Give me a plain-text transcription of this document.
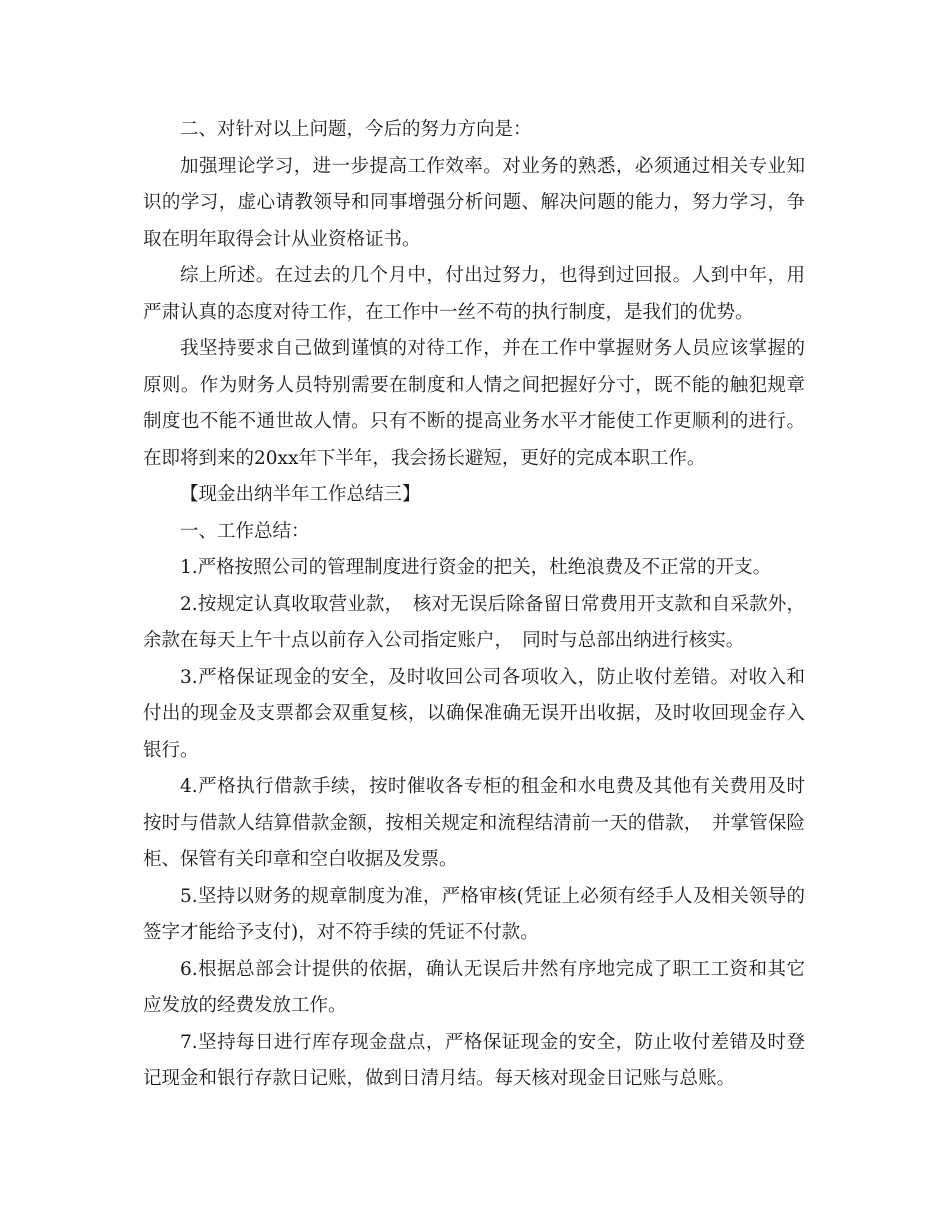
二、对针对以上问题，今后的努力方向是：

加强理论学习，进一步提高工作效率。对业务的熟悉，必须通过相关专业知识的学习，虚心请教领导和同事增强分析问题、解决问题的能力，努力学习，争取在明年取得会计从业资格证书。

综上所述。在过去的几个月中，付出过努力，也得到过回报。人到中年，用严肃认真的态度对待工作，在工作中一丝不苟的执行制度，是我们的优势。

我坚持要求自己做到谨慎的对待工作，并在工作中掌握财务人员应该掌握的原则。作为财务人员特别需要在制度和人情之间把握好分寸，既不能的触犯规章制度也不能不通世故人情。只有不断的提高业务水平才能使工作更顺利的进行。在即将到来的20xx年下半年，我会扬长避短，更好的完成本职工作。

【现金出纳半年工作总结三】

一、工作总结：

1.严格按照公司的管理制度进行资金的把关，杜绝浪费及不正常的开支。

2.按规定认真收取营业款，　核对无误后除备留日常费用开支款和自采款外，余款在每天上午十点以前存入公司指定账户，　同时与总部出纳进行核实。

3.严格保证现金的安全，及时收回公司各项收入，防止收付差错。对收入和付出的现金及支票都会双重复核，以确保准确无误开出收据，及时收回现金存入银行。

4.严格执行借款手续，按时催收各专柜的租金和水电费及其他有关费用及时按时与借款人结算借款金额，按相关规定和流程结清前一天的借款，　并掌管保险柜、保管有关印章和空白收据及发票。

5.坚持以财务的规章制度为准，严格审核(凭证上必须有经手人及相关领导的签字才能给予支付)，对不符手续的凭证不付款。

6.根据总部会计提供的依据，确认无误后井然有序地完成了职工工资和其它应发放的经费发放工作。

7.坚持每日进行库存现金盘点，严格保证现金的安全，防止收付差错及时登记现金和银行存款日记账，做到日清月结。每天核对现金日记账与总账。
